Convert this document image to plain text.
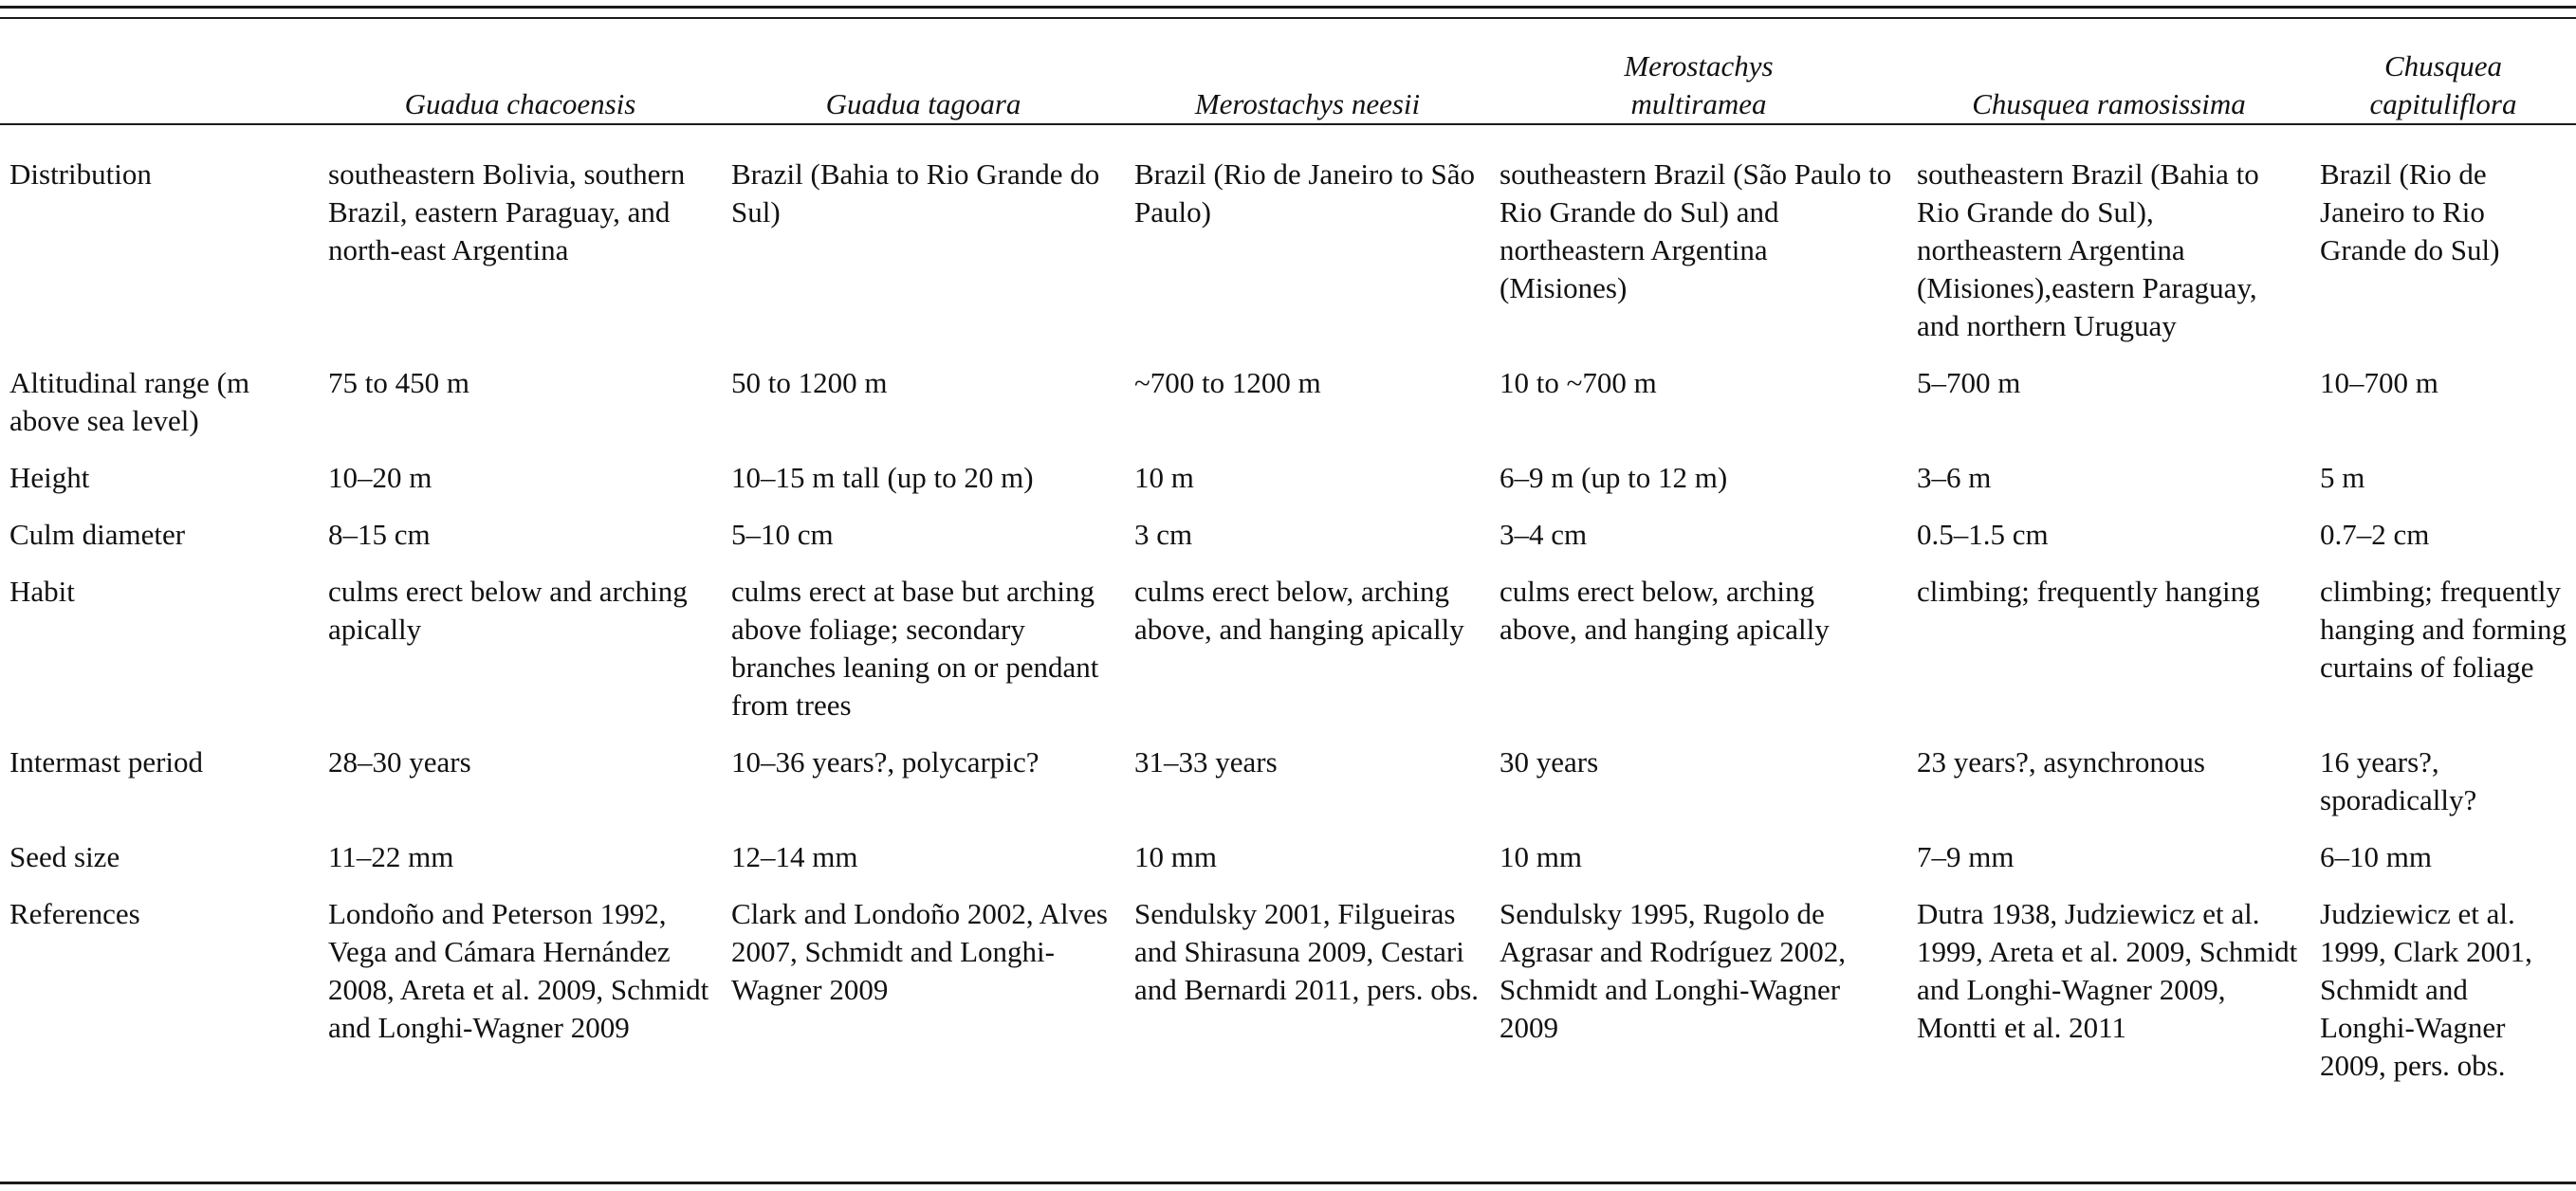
	Guadua chacoensis	Guadua tagoara	Merostachys neesii	Merostachys multiramea	Chusquea ramosissima	Chusquea capituliflora
Distribution	southeastern Bolivia, southern Brazil, eastern Paraguay, and north-east Argentina	Brazil (Bahia to Rio Grande do Sul)	Brazil (Rio de Janeiro to São Paulo)	southeastern Brazil (São Paulo to Rio Grande do Sul) and northeastern Argentina (Misiones)	southeastern Brazil (Bahia to Rio Grande do Sul), northeastern Argentina (Misiones),eastern Paraguay, and northern Uruguay	Brazil (Rio de Janeiro to Rio Grande do Sul)
Altitudinal range (m above sea level)	75 to 450 m	50 to 1200 m	~700 to 1200 m	10 to ~700 m	5–700 m	10–700 m
Height	10–20 m	10–15 m tall (up to 20 m)	10 m	6–9 m (up to 12 m)	3–6 m	5 m
Culm diameter	8–15 cm	5–10 cm	3 cm	3–4 cm	0.5–1.5 cm	0.7–2 cm
Habit	culms erect below and arching apically	culms erect at base but arching above foliage; secondary branches leaning on or pendant from trees	culms erect below, arching above, and hanging apically	culms erect below, arching above, and hanging apically	climbing; frequently hanging	climbing; frequently hanging and forming curtains of foliage
Intermast period	28–30 years	10–36 years?, polycarpic?	31–33 years	30 years	23 years?, asynchronous	16 years?, sporadically?
Seed size	11–22 mm	12–14 mm	10 mm	10 mm	7–9 mm	6–10 mm
References	Londoño and Peterson 1992, Vega and Cámara Hernández 2008, Areta et al. 2009, Schmidt and Longhi-Wagner 2009	Clark and Londoño 2002, Alves 2007, Schmidt and Longhi-Wagner 2009	Sendulsky 2001, Filgueiras and Shirasuna 2009, Cestari and Bernardi 2011, pers. obs.	Sendulsky 1995, Rugolo de Agrasar and Rodríguez 2002, Schmidt and Longhi-Wagner 2009	Dutra 1938, Judziewicz et al. 1999, Areta et al. 2009, Schmidt and Longhi-Wagner 2009, Montti et al. 2011	Judziewicz et al. 1999, Clark 2001, Schmidt and Longhi-Wagner 2009, pers. obs.
